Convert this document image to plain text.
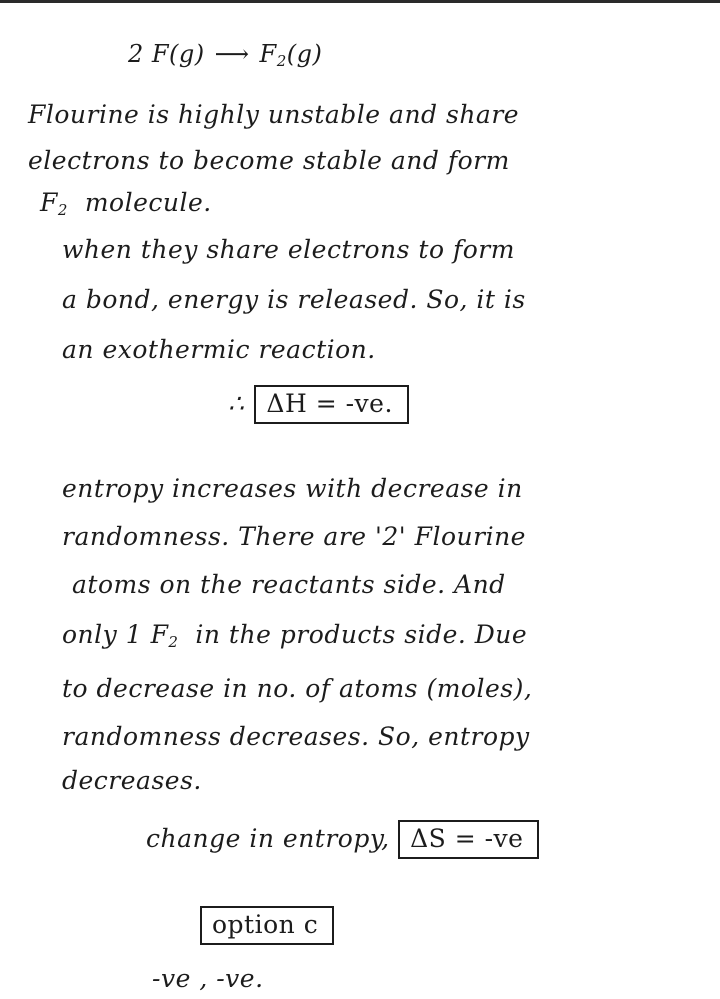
2 F(g) ⟶ $F_2(g)$
Flourine is highly unstable and share
electrons to become stable and form
$F_2$ molecule.
when they share electrons to form
a bond, energy is released. So, it is
an exothermic reaction.
∴ ΔH = -ve.
entropy increases with decrease in
randomness. There are '2' Flourine
atoms on the reactants side. And
only 1 $F_2$ in the products side. Due
to decrease in no. of atoms (moles),
randomness decreases. So, entropy
decreases.
change in entropy, ΔS = -ve
option c
-ve , -ve.
